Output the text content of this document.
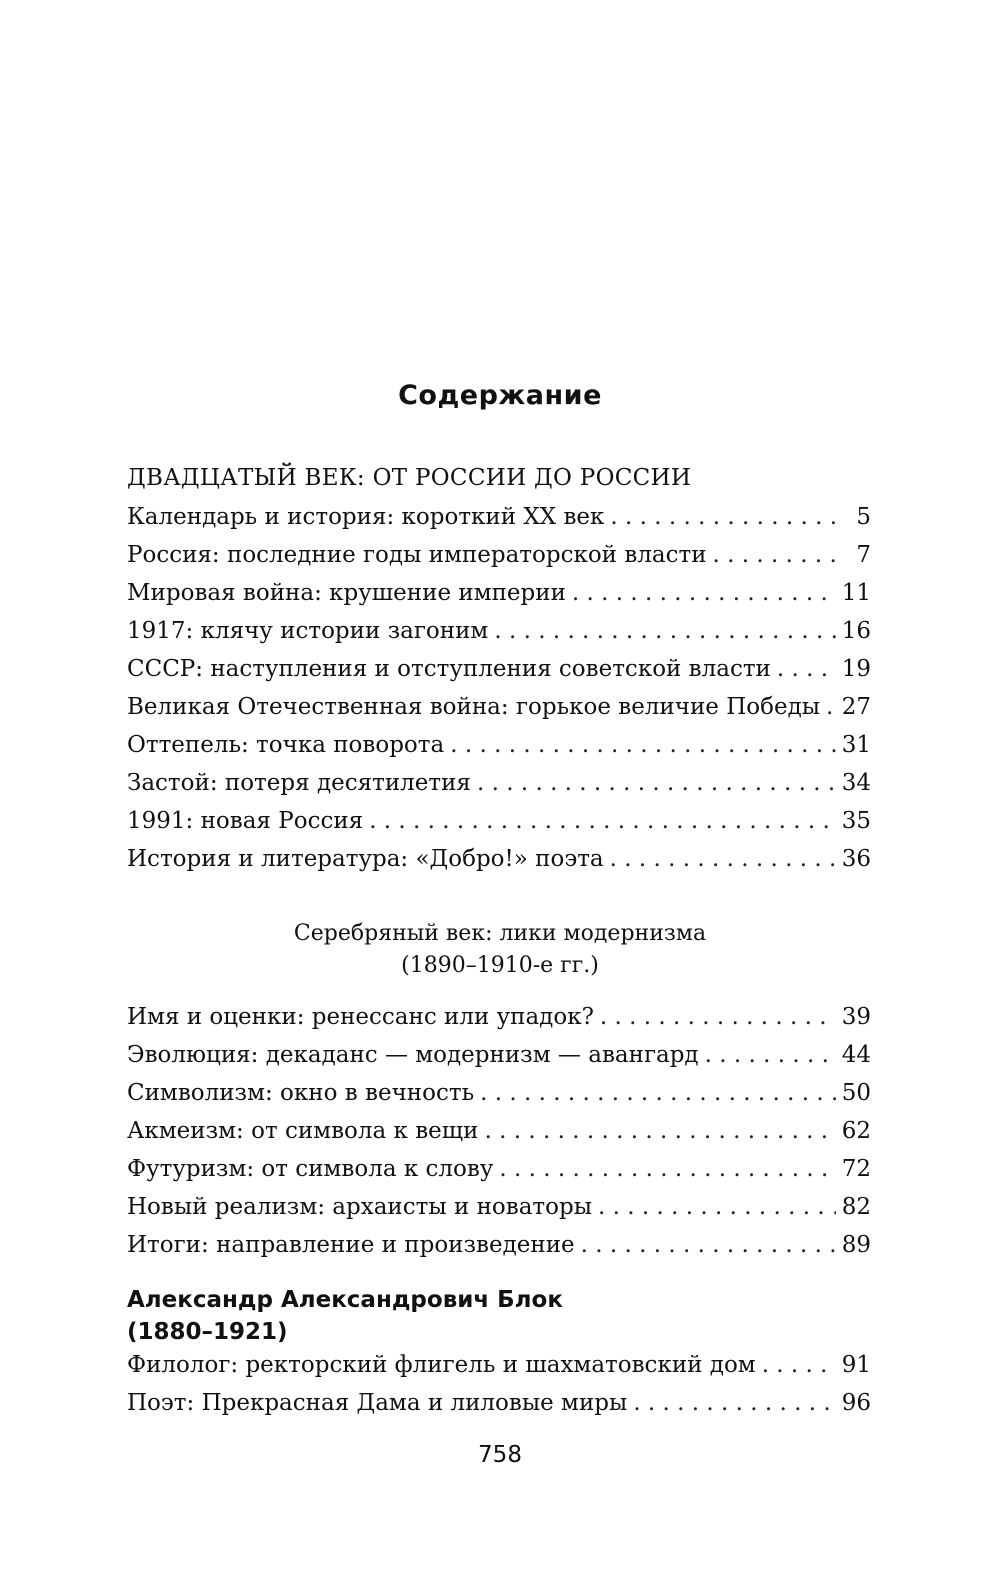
Содержание
ДВАДЦАТЫЙ ВЕК: ОТ РОССИИ ДО РОССИИ
Календарь и история: короткий XX век . . .	5
Россия: последние годы императорской власти . . .	7
Мировая война: крушение империи . . .	11
1917: клячу истории загоним . . .	16
СССР: наступления и отступления советской власти . . .	19
Великая Отечественная война: горькое величие Победы . . . 27
Оттепель: точка поворота . . .	31
Застой: потеря десятилетия . . .	34
1991: новая Россия . . .	35
История и литература: «Добро!» поэта . . .	36
Серебряный век: лики модернизма
(1890–1910-е гг.)
Имя и оценки: ренессанс или упадок? . . .	39
Эволюция: декаданс — модернизм — авангард . . .	44
Символизм: окно в вечность . . .	50
Акмеизм: от символа к вещи . . .	62
Футуризм: от символа к слову . . .	72
Новый реализм: архаисты и новаторы . . .	82
Итоги: направление и произведение . . .	89
Александр Александрович Блок
(1880–1921)
Филолог: ректорский флигель и шахматовский дом . . .	91
Поэт: Прекрасная Дама и лиловые миры . . .	96
758
